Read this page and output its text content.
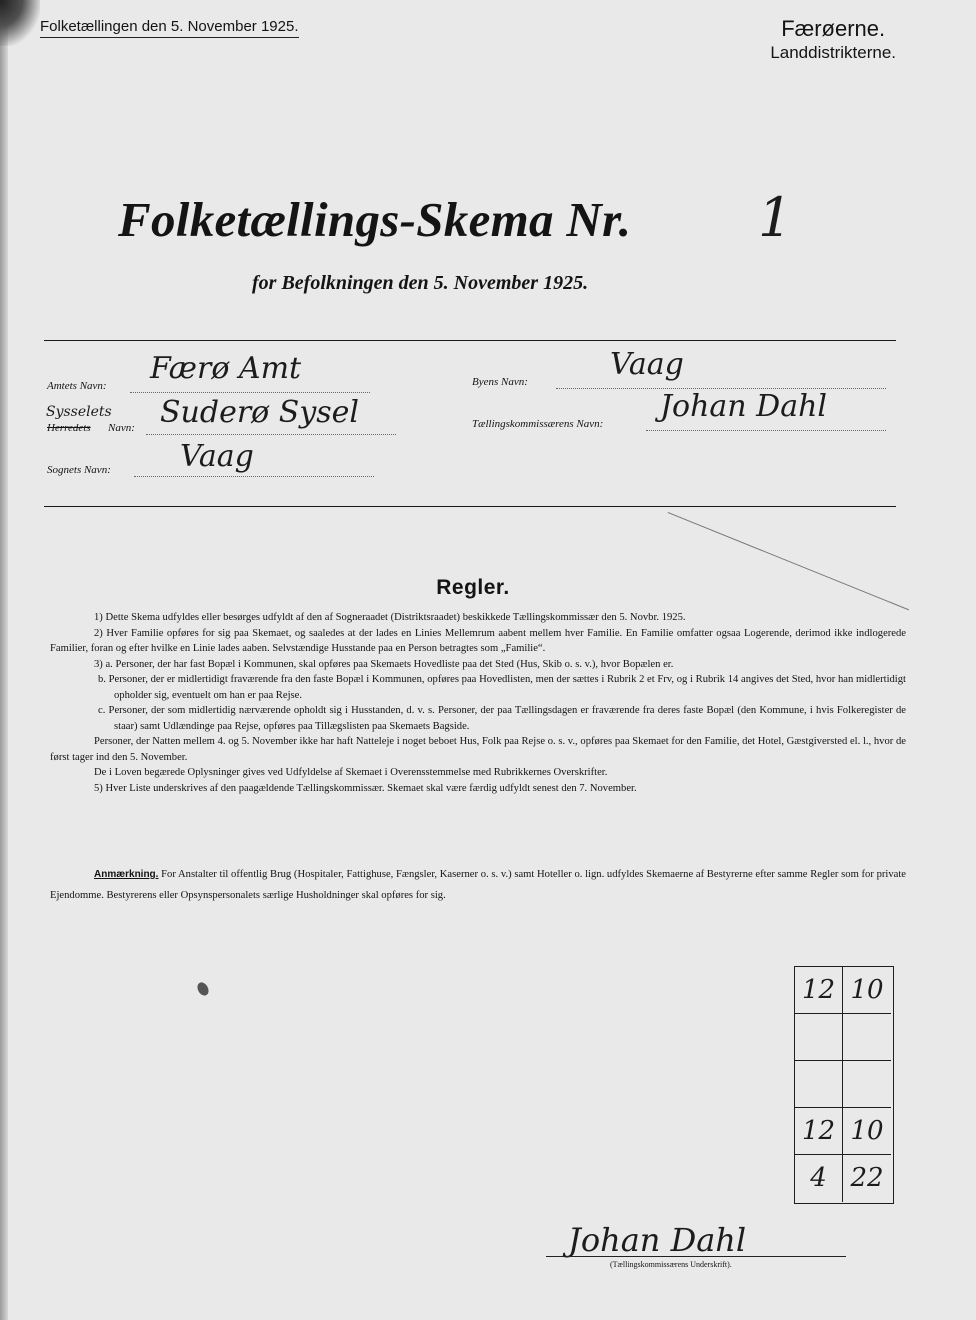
Folketællingen den 5. November 1925.	Færøerne.
Landdistrikterne.
Folketællings-Skema Nr. 1
for Befolkningen den 5. November 1925.
Amtets Navn: Færø Amt
Sysselets
Herredets Navn: Suderø Sysel
Sognets Navn: Vaag
Byens Navn:	Vaag
Tællingskommissærens Navn: Johan Dahl
Regler.

1) Dette Skema udfyldes eller besørges udfyldt af den af Sogneraadet (Distriktsraadet) beskikkede Tællingskommissær den 5. Novbr. 1925.

2) Hver Familie opføres for sig paa Skemaet, og saaledes at der lades en Linies Mellemrum aabent mellem hver Familie. En Familie omfatter ogsaa Logerende, derimod ikke indlogerede Familier, foran og efter hvilke en Linie lades aaben. Selvstændige Husstande paa en Person betragtes som „Familie“.

3) a. Personer, der har fast Bopæl i Kommunen, skal opføres paa Skemaets Hovedliste paa det Sted (Hus, Skib o. s. v.), hvor Bopælen er.

b. Personer, der er midlertidigt fraværende fra den faste Bopæl i Kommunen, opføres paa Hovedlisten, men der sættes i Rubrik 2 et Frv, og i Rubrik 14 angives det Sted, hvor han midlertidigt opholder sig, eventuelt om han er paa Rejse.

c. Personer, der som midlertidig nærværende opholdt sig i Husstanden, d. v. s. Personer, der paa Tællingsdagen er fraværende fra deres faste Bopæl (den Kommune, i hvis Folkeregister de staar) samt Udlændinge paa Rejse, opføres paa Tillægslisten paa Skemaets Bagside.

Personer, der Natten mellem 4. og 5. November ikke har haft Natteleje i noget beboet Hus, Folk paa Rejse o. s. v., opføres paa Skemaet for den Familie, det Hotel, Gæstgiversted el. l., hvor de først tager ind den 5. November.

De i Loven begærede Oplysninger gives ved Udfyldelse af Skemaet i Overensstemmelse med Rubrikkernes Overskrifter.

5) Hver Liste underskrives af den paagældende Tællingskommissær. Skemaet skal være færdig udfyldt senest den 7. November.

Anmærkning. For Anstalter til offentlig Brug (Hospitaler, Fattighuse, Fængsler, Kaserner o. s. v.) samt Hoteller o. lign. udfyldes Skemaerne af Bestyrerne efter samme Regler som for private Ejendomme. Bestyrerens eller Opsynspersonalets særlige Husholdninger skal opføres for sig.
12 10
12 10
4 22
Johan Dahl
(Tællingskommissærens Underskrift).
